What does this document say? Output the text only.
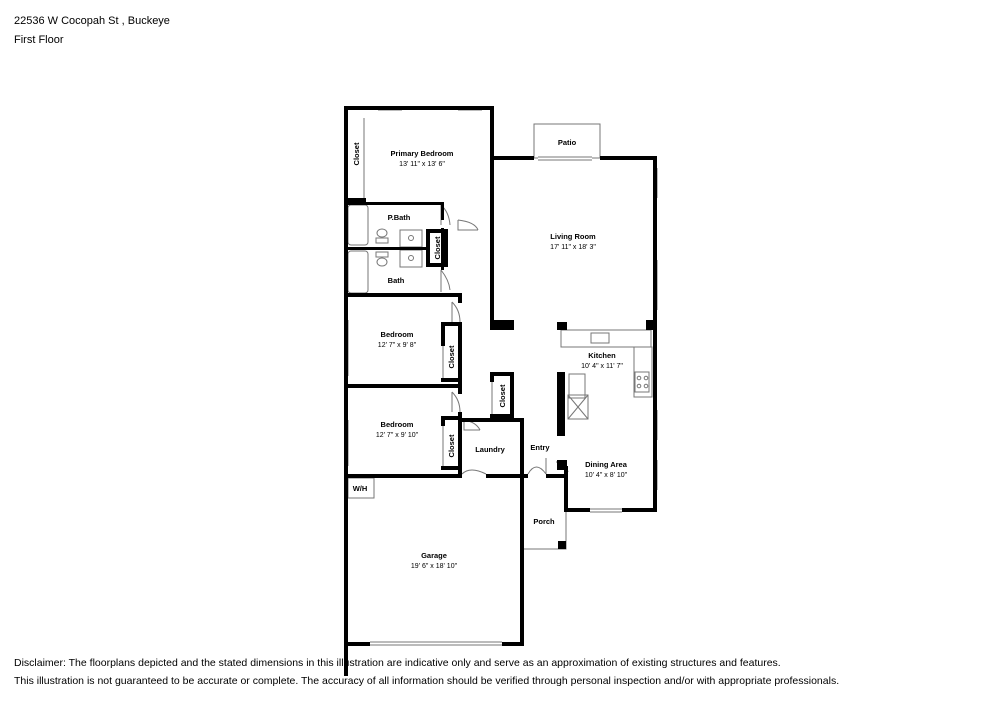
22536 W Cocopah St , Buckeye
First Floor
Primary Bedroom
13' 11" x 13' 6"
Closet
Patio
Living Room
17' 11" x 18' 3"
P.Bath
Closet
Bath
Bedroom
12' 7" x 9' 8"
Closet	Kitchen
10' 4" x 11' 7"
Closet
Bedroom
12' 7" x 9' 10"	Closet	Laundry	Entry
Dining Area
10' 4" x 8' 10"
W/H
Porch
Garage
19' 6" x 18' 10"
Disclaimer: The floorplans depicted and the stated dimensions in this illustration are indicative only and serve as an approximation of existing structures and features.
This illustration is not guaranteed to be accurate or complete. The accuracy of all information should be verified through personal inspection and/or with appropriate professionals.
